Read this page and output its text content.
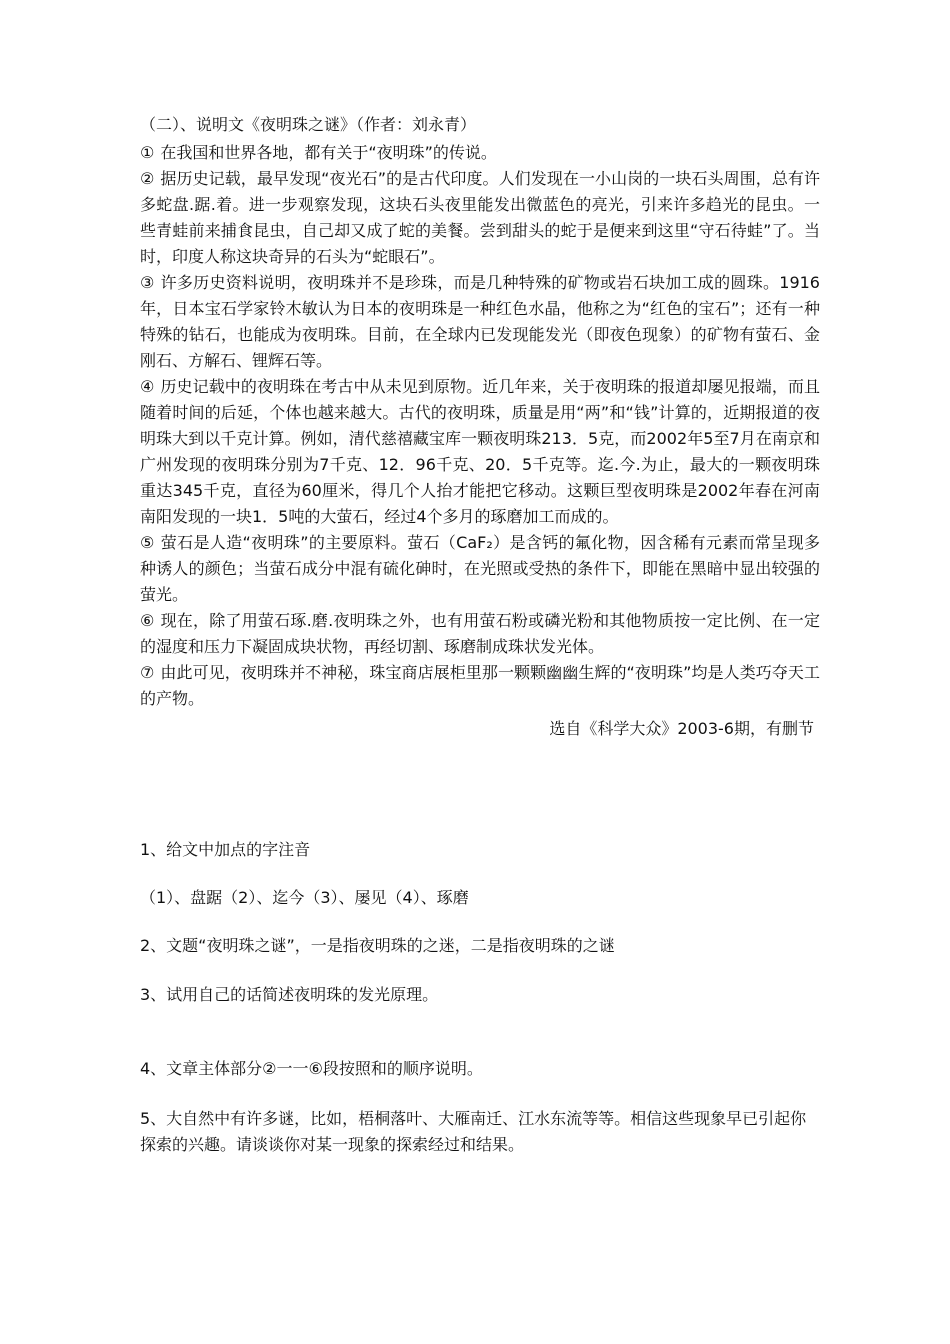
（二）、说明文《夜明珠之谜》（作者：刘永青）

① 在我国和世界各地，都有关于“夜明珠”的传说。

② 据历史记载，最早发现“夜光石”的是古代印度。人们发现在一小山岗的一块石头周围，总有许多蛇盘.踞.着。进一步观察发现，这块石头夜里能发出微蓝色的亮光，引来许多趋光的昆虫。一些青蛙前来捕食昆虫，自己却又成了蛇的美餐。尝到甜头的蛇于是便来到这里“守石待蛙”了。当时，印度人称这块奇异的石头为“蛇眼石”。

③ 许多历史资料说明，夜明珠并不是珍珠，而是几种特殊的矿物或岩石块加工成的圆珠。1916年，日本宝石学家铃木敏认为日本的夜明珠是一种红色水晶，他称之为“红色的宝石”；还有一种特殊的钻石，也能成为夜明珠。目前，在全球内已发现能发光（即夜色现象）的矿物有萤石、金刚石、方解石、锂辉石等。

④ 历史记载中的夜明珠在考古中从未见到原物。近几年来，关于夜明珠的报道却屡见报端，而且随着时间的后延，个体也越来越大。古代的夜明珠，质量是用“两”和“钱”计算的，近期报道的夜明珠大到以千克计算。例如，清代慈禧藏宝库一颗夜明珠213．5克，而2002年5至7月在南京和广州发现的夜明珠分别为7千克、12．96千克、20．5千克等。迄.今.为止，最大的一颗夜明珠重达345千克，直径为60厘米，得几个人抬才能把它移动。这颗巨型夜明珠是2002年春在河南南阳发现的一块1．5吨的大萤石，经过4个多月的琢磨加工而成的。

⑤ 萤石是人造“夜明珠”的主要原料。萤石（CaF₂）是含钙的氟化物，因含稀有元素而常呈现多种诱人的颜色；当萤石成分中混有硫化砷时，在光照或受热的条件下，即能在黑暗中显出较强的萤光。

⑥ 现在，除了用萤石琢.磨.夜明珠之外，也有用萤石粉或磷光粉和其他物质按一定比例、在一定的湿度和压力下凝固成块状物，再经切割、琢磨制成珠状发光体。

⑦ 由此可见，夜明珠并不神秘，珠宝商店展柜里那一颗颗幽幽生辉的“夜明珠”均是人类巧夺天工的产物。

选自《科学大众》2003-6期，有删节

1、给文中加点的字注音

（1）、盘踞（2）、迄今（3）、屡见（4）、琢磨

2、文题“夜明珠之谜”，一是指夜明珠的之迷，二是指夜明珠的之谜

3、试用自己的话简述夜明珠的发光原理。

4、文章主体部分②一一⑥段按照和的顺序说明。

5、大自然中有许多谜，比如，梧桐落叶、大雁南迁、江水东流等等。相信这些现象早已引起你探索的兴趣。请谈谈你对某一现象的探索经过和结果。
